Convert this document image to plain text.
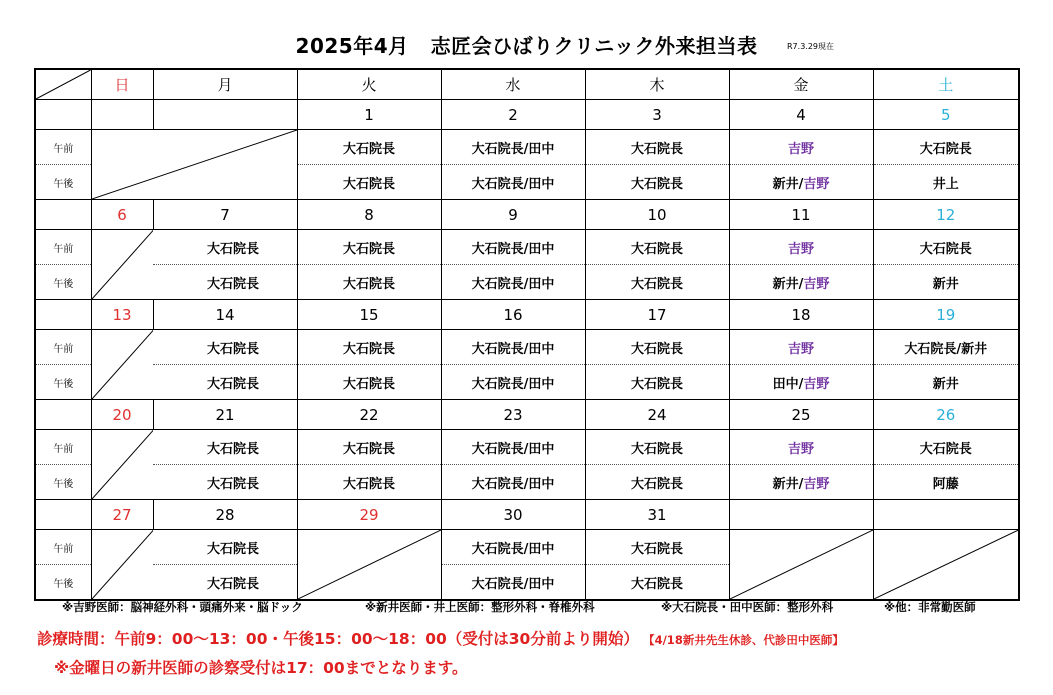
2025年4月 志匠会ひばりクリニック外来担当表	R7.3.29現在
	日	月	火	水	木	金	土
			1	2	3	4	5
午前			大石院長	大石院長/田中	大石院長	吉野	大石院長
午後			大石院長	大石院長/田中	大石院長	新井/吉野	井上
	6	7	8	9	10	11	12
午前		大石院長	大石院長	大石院長/田中	大石院長	吉野	大石院長
午後		大石院長	大石院長	大石院長/田中	大石院長	新井/吉野	新井
	13	14	15	16	17	18	19
午前		大石院長	大石院長	大石院長/田中	大石院長	吉野	大石院長/新井
午後		大石院長	大石院長	大石院長/田中	大石院長	田中/吉野	新井
	20	21	22	23	24	25	26
午前		大石院長	大石院長	大石院長/田中	大石院長	吉野	大石院長
午後		大石院長	大石院長	大石院長/田中	大石院長	新井/吉野	阿藤
	27	28	29	30	31		
午前		大石院長		大石院長/田中	大石院長	

午後		大石院長		大石院長/田中	大石院長		
※吉野医師：脳神経外科・頭痛外来・脳ドック	※新井医師・井上医師：整形外科・脊椎外科	※大石院長・田中医師：整形外科	※他：非常勤医師
診療時間：午前9：00～13：00・午後15：00～18：00（受付は30分前より開始） 【4/18新井先生休診、代診田中医師】
※金曜日の新井医師の診察受付は17：00までとなります。
